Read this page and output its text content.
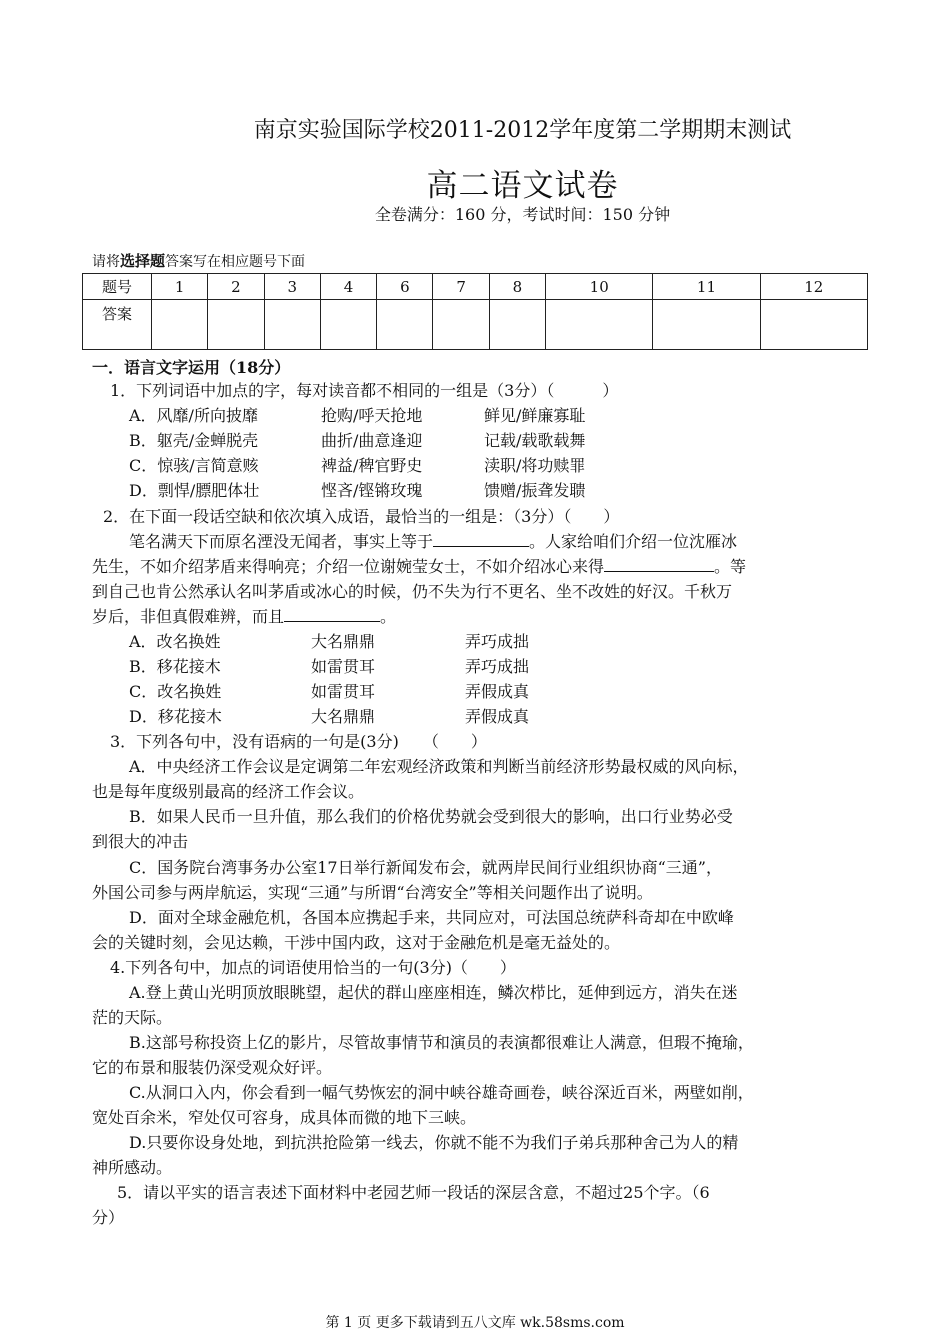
南京实验国际学校2011-2012学年度第二学期期末测试
高二语文试卷
全卷满分：160 分，考试时间：150 分钟
请将选择题答案写在相应题号下面
题号	1	2	3	4	6	7	8	10	11	12
答案										
一．语言文字运用（18分）
1．下列词语中加点的字，每对读音都不相同的一组是（3分）（　　　）
A．风靡/所向披靡	抢购/呼天抢地	鲜见/鲜廉寡耻
B．躯壳/金蝉脱壳	曲折/曲意逢迎	记载/载歌载舞
C．惊骇/言简意赅	裨益/稗官野史	渎职/将功赎罪
D．剽悍/膘肥体壮	悭吝/铿锵玫瑰	馈赠/振聋发聩
2．在下面一段话空缺和依次填入成语，最恰当的一组是：（3分）（　　）
笔名满天下而原名湮没无闻者，事实上等于	。人家给咱们介绍一位沈雁冰
先生，不如介绍茅盾来得响亮；介绍一位谢婉莹女士，不如介绍冰心来得	。等
到自己也肯公然承认名叫茅盾或冰心的时候，仍不失为行不更名、坐不改姓的好汉。千秋万
岁后，非但真假难辨，而且	。
A．改名换姓	大名鼎鼎	弄巧成拙
B．移花接木	如雷贯耳	弄巧成拙
C．改名换姓	如雷贯耳	弄假成真
D．移花接木	大名鼎鼎	弄假成真
3．下列各句中，没有语病的一句是(3分)　　（　　）
A．中央经济工作会议是定调第二年宏观经济政策和判断当前经济形势最权威的风向标，
也是每年度级别最高的经济工作会议。
B．如果人民币一旦升值，那么我们的价格优势就会受到很大的影响，出口行业势必受
到很大的冲击
C．国务院台湾事务办公室17日举行新闻发布会，就两岸民间行业组织协商“三通”，
外国公司参与两岸航运，实现“三通”与所谓“台湾安全”等相关问题作出了说明。
D．面对全球金融危机，各国本应携起手来，共同应对，可法国总统萨科奇却在中欧峰
会的关键时刻，会见达赖，干涉中国内政，这对于金融危机是毫无益处的。
4.下列各句中，加点的词语使用恰当的一句(3分)（　　）
A.登上黄山光明顶放眼眺望，起伏的群山座座相连，鳞次栉比，延伸到远方，消失在迷
茫的天际。
B.这部号称投资上亿的影片，尽管故事情节和演员的表演都很难让人满意，但瑕不掩瑜，
它的布景和服装仍深受观众好评。
C.从洞口入内，你会看到一幅气势恢宏的洞中峡谷雄奇画卷，峡谷深近百米，两壁如削，
宽处百余米，窄处仅可容身，成具体而微的地下三峡。
D.只要你设身处地，到抗洪抢险第一线去，你就不能不为我们子弟兵那种舍己为人的精
神所感动。
5．请以平实的语言表述下面材料中老园艺师一段话的深层含意，不超过25个字。（6
分）
第 1 页 更多下载请到五八文库 wk.58sms.com
